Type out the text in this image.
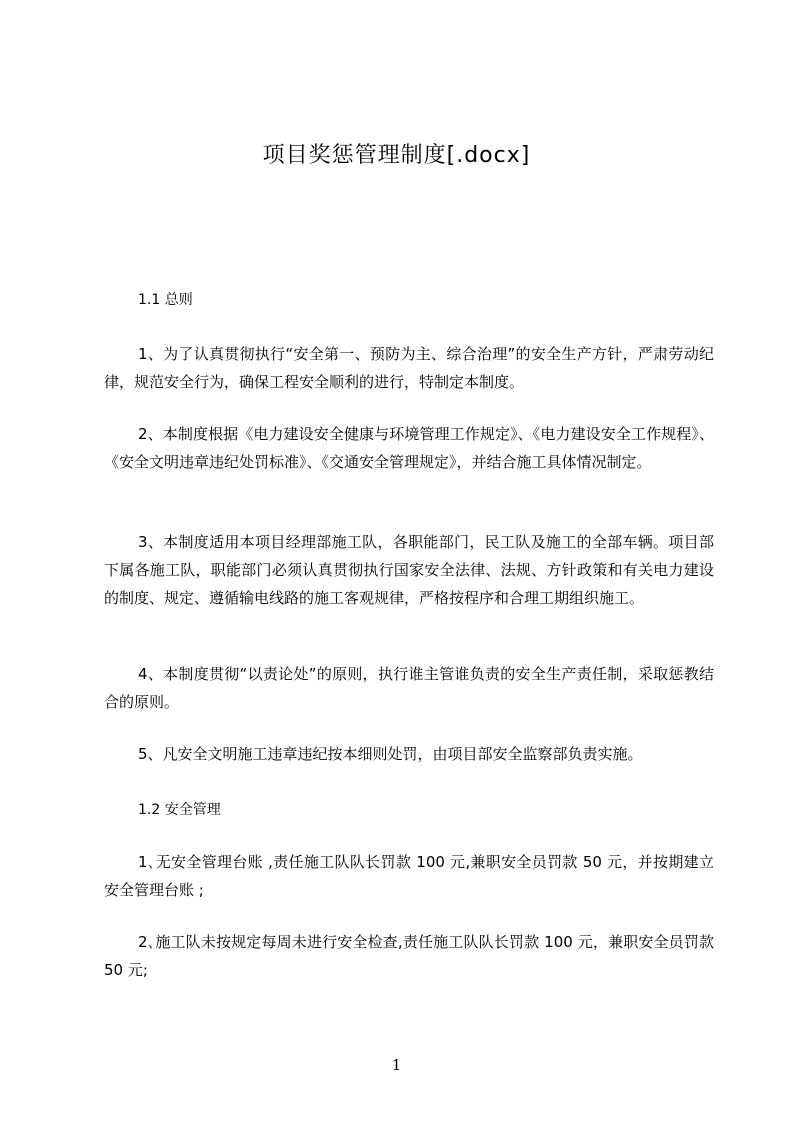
项目奖惩管理制度[.docx]
1.1 总则
1、为了认真贯彻执行“安全第一、预防为主、综合治理”的安全生产方针，严肃劳动纪律，规范安全行为，确保工程安全顺利的进行，特制定本制度。
2、本制度根据《电力建设安全健康与环境管理工作规定》、《电力建设安全工作规程》、《安全文明违章违纪处罚标准》、《交通安全管理规定》，并结合施工具体情况制定。
3、本制度适用本项目经理部施工队，各职能部门，民工队及施工的全部车辆。项目部下属各施工队，职能部门必须认真贯彻执行国家安全法律、法规、方针政策和有关电力建设的制度、规定、遵循输电线路的施工客观规律，严格按程序和合理工期组织施工。
4、本制度贯彻“以责论处”的原则，执行谁主管谁负责的安全生产责任制，采取惩教结合的原则。
5、凡安全文明施工违章违纪按本细则处罚，由项目部安全监察部负责实施。
1.2 安全管理
1､无安全管理台账 ,责任施工队队长罚款 100 元,兼职安全员罚款 50 元，并按期建立安全管理台账 ;
2､施工队未按规定每周未进行安全检查,责任施工队队长罚款 100 元，兼职安全员罚款 50 元;
1
